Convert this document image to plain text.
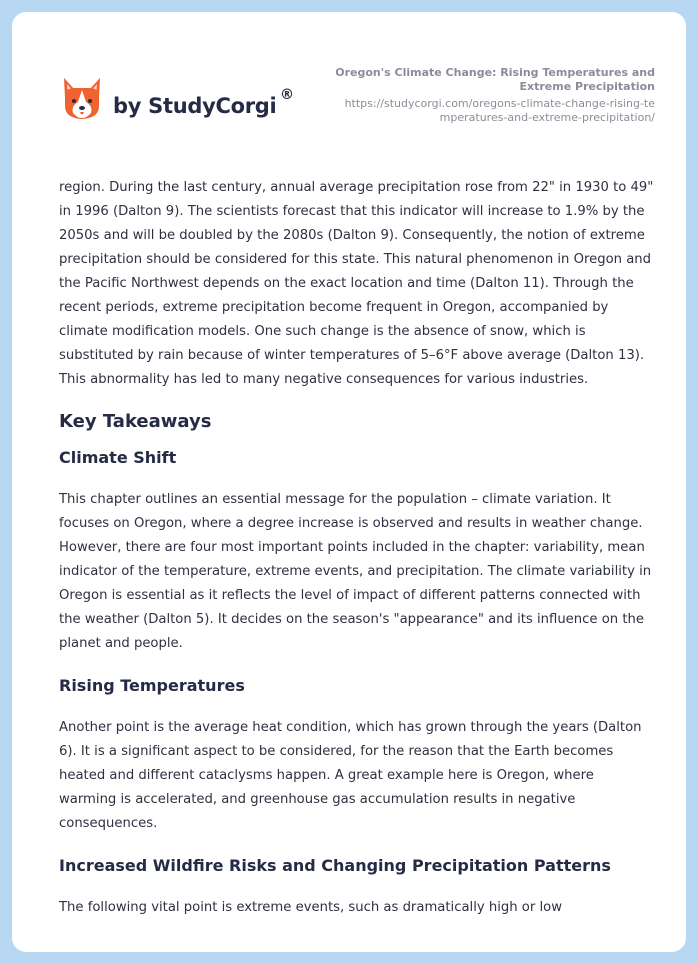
by StudyCorgi ®

Oregon's Climate Change: Rising Temperatures and Extreme Precipitation

https://studycorgi.com/oregons-climate-change-rising-temperatures-and-extreme-precipitation/

region. During the last century, annual average precipitation rose from 22" in 1930 to 49" in 1996 (Dalton 9). The scientists forecast that this indicator will increase to 1.9% by the 2050s and will be doubled by the 2080s (Dalton 9). Consequently, the notion of extreme precipitation should be considered for this state. This natural phenomenon in Oregon and the Pacific Northwest depends on the exact location and time (Dalton 11). Through the recent periods, extreme precipitation become frequent in Oregon, accompanied by climate modification models. One such change is the absence of snow, which is substituted by rain because of winter temperatures of 5–6°F above average (Dalton 13). This abnormality has led to many negative consequences for various industries.

Key Takeaways
Climate Shift

This chapter outlines an essential message for the population – climate variation. It focuses on Oregon, where a degree increase is observed and results in weather change. However, there are four most important points included in the chapter: variability, mean indicator of the temperature, extreme events, and precipitation. The climate variability in Oregon is essential as it reflects the level of impact of different patterns connected with the weather (Dalton 5). It decides on the season's "appearance" and its influence on the planet and people.

Rising Temperatures

Another point is the average heat condition, which has grown through the years (Dalton 6). It is a significant aspect to be considered, for the reason that the Earth becomes heated and different cataclysms happen. A great example here is Oregon, where warming is accelerated, and greenhouse gas accumulation results in negative consequences.

Increased Wildfire Risks and Changing Precipitation Patterns

The following vital point is extreme events, such as dramatically high or low
